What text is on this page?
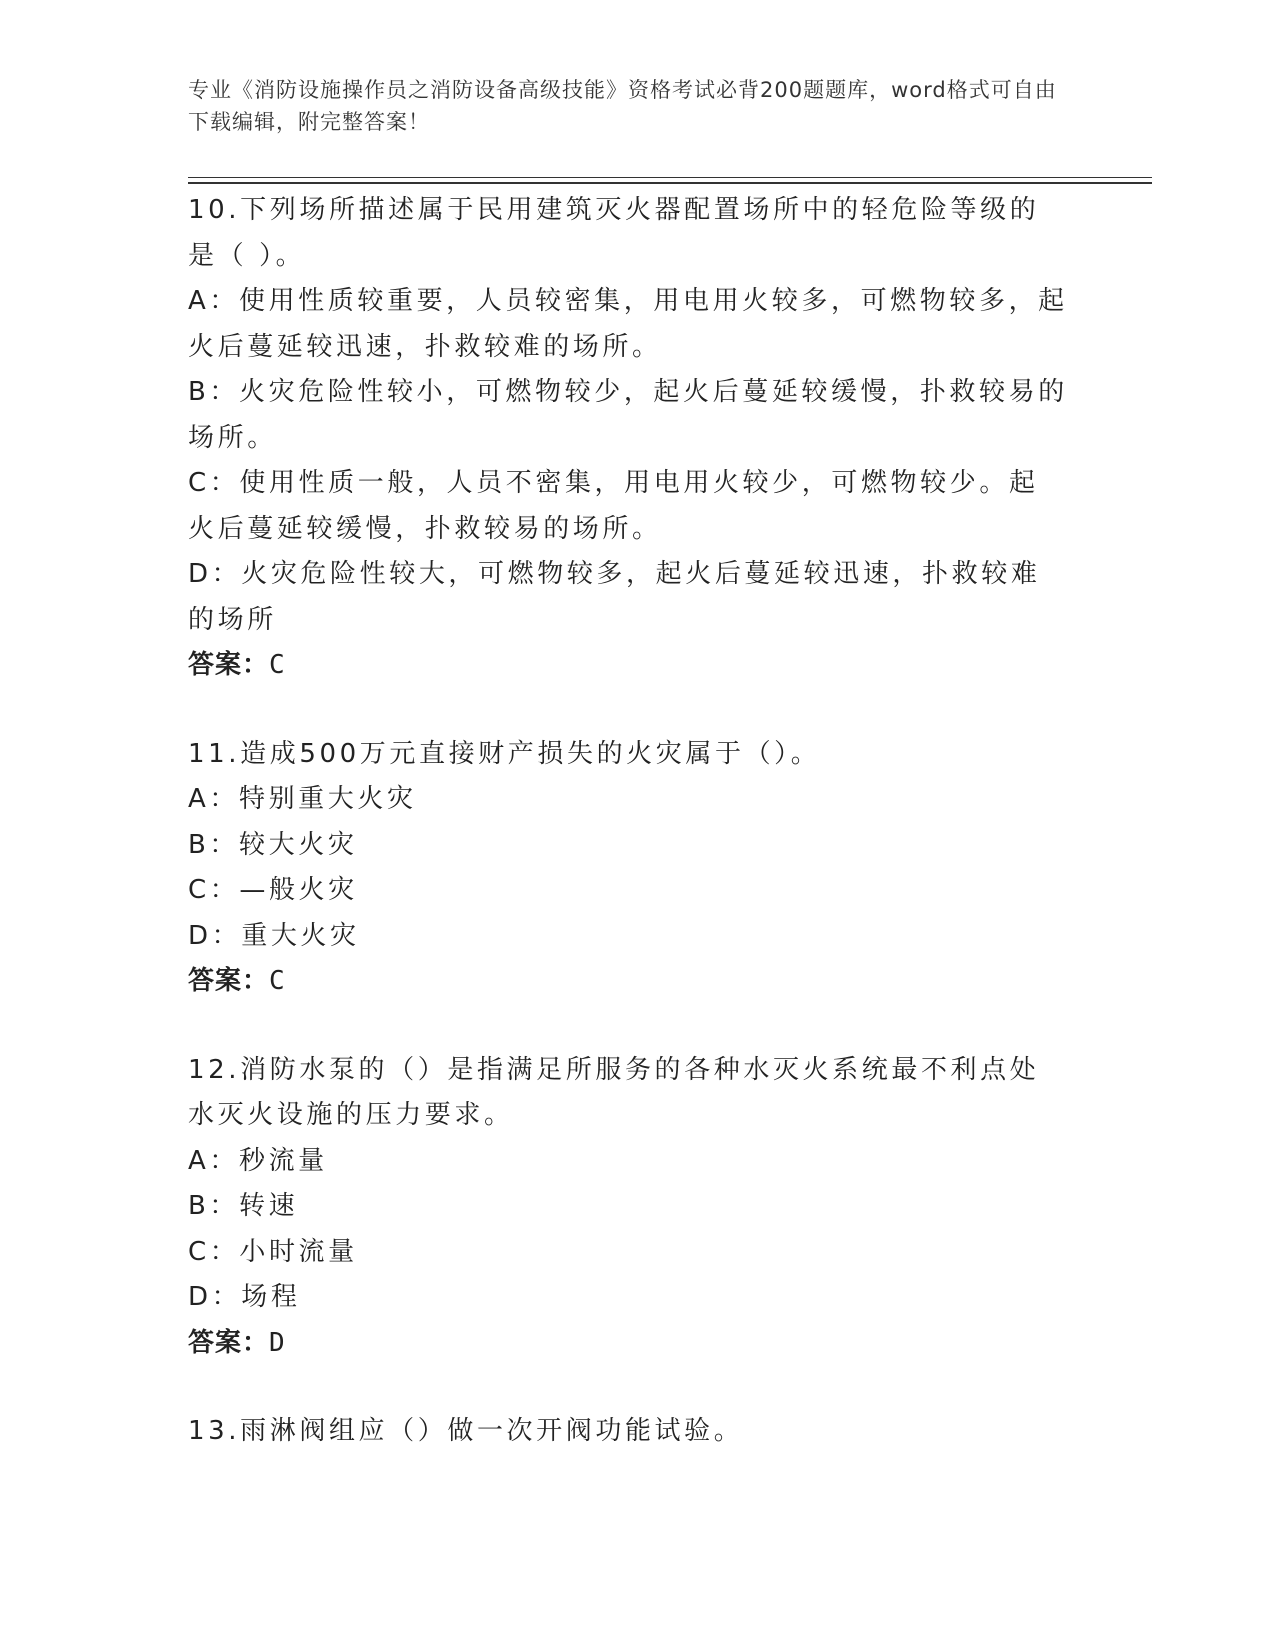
专业《消防设施操作员之消防设备高级技能》资格考试必背200题题库，word格式可自由下载编辑，附完整答案！

10.下列场所描述属于民用建筑灭火器配置场所中的轻危险等级的是（ ）。

A：使用性质较重要，人员较密集，用电用火较多，可燃物较多，起火后蔓延较迅速，扑救较难的场所。

B：火灾危险性较小，可燃物较少，起火后蔓延较缓慢，扑救较易的场所。

C：使用性质一般，人员不密集，用电用火较少，可燃物较少。起火后蔓延较缓慢，扑救较易的场所。

D：火灾危险性较大，可燃物较多，起火后蔓延较迅速，扑救较难的场所

答案：C

11.造成500万元直接财产损失的火灾属于（）。

A：特别重大火灾

B：较大火灾

C：—般火灾

D：重大火灾

答案：C

12.消防水泵的（）是指满足所服务的各种水灭火系统最不利点处水灭火设施的压力要求。

A：秒流量

B：转速

C：小时流量

D：场程

答案：D

13.雨淋阀组应（）做一次开阀功能试验。
